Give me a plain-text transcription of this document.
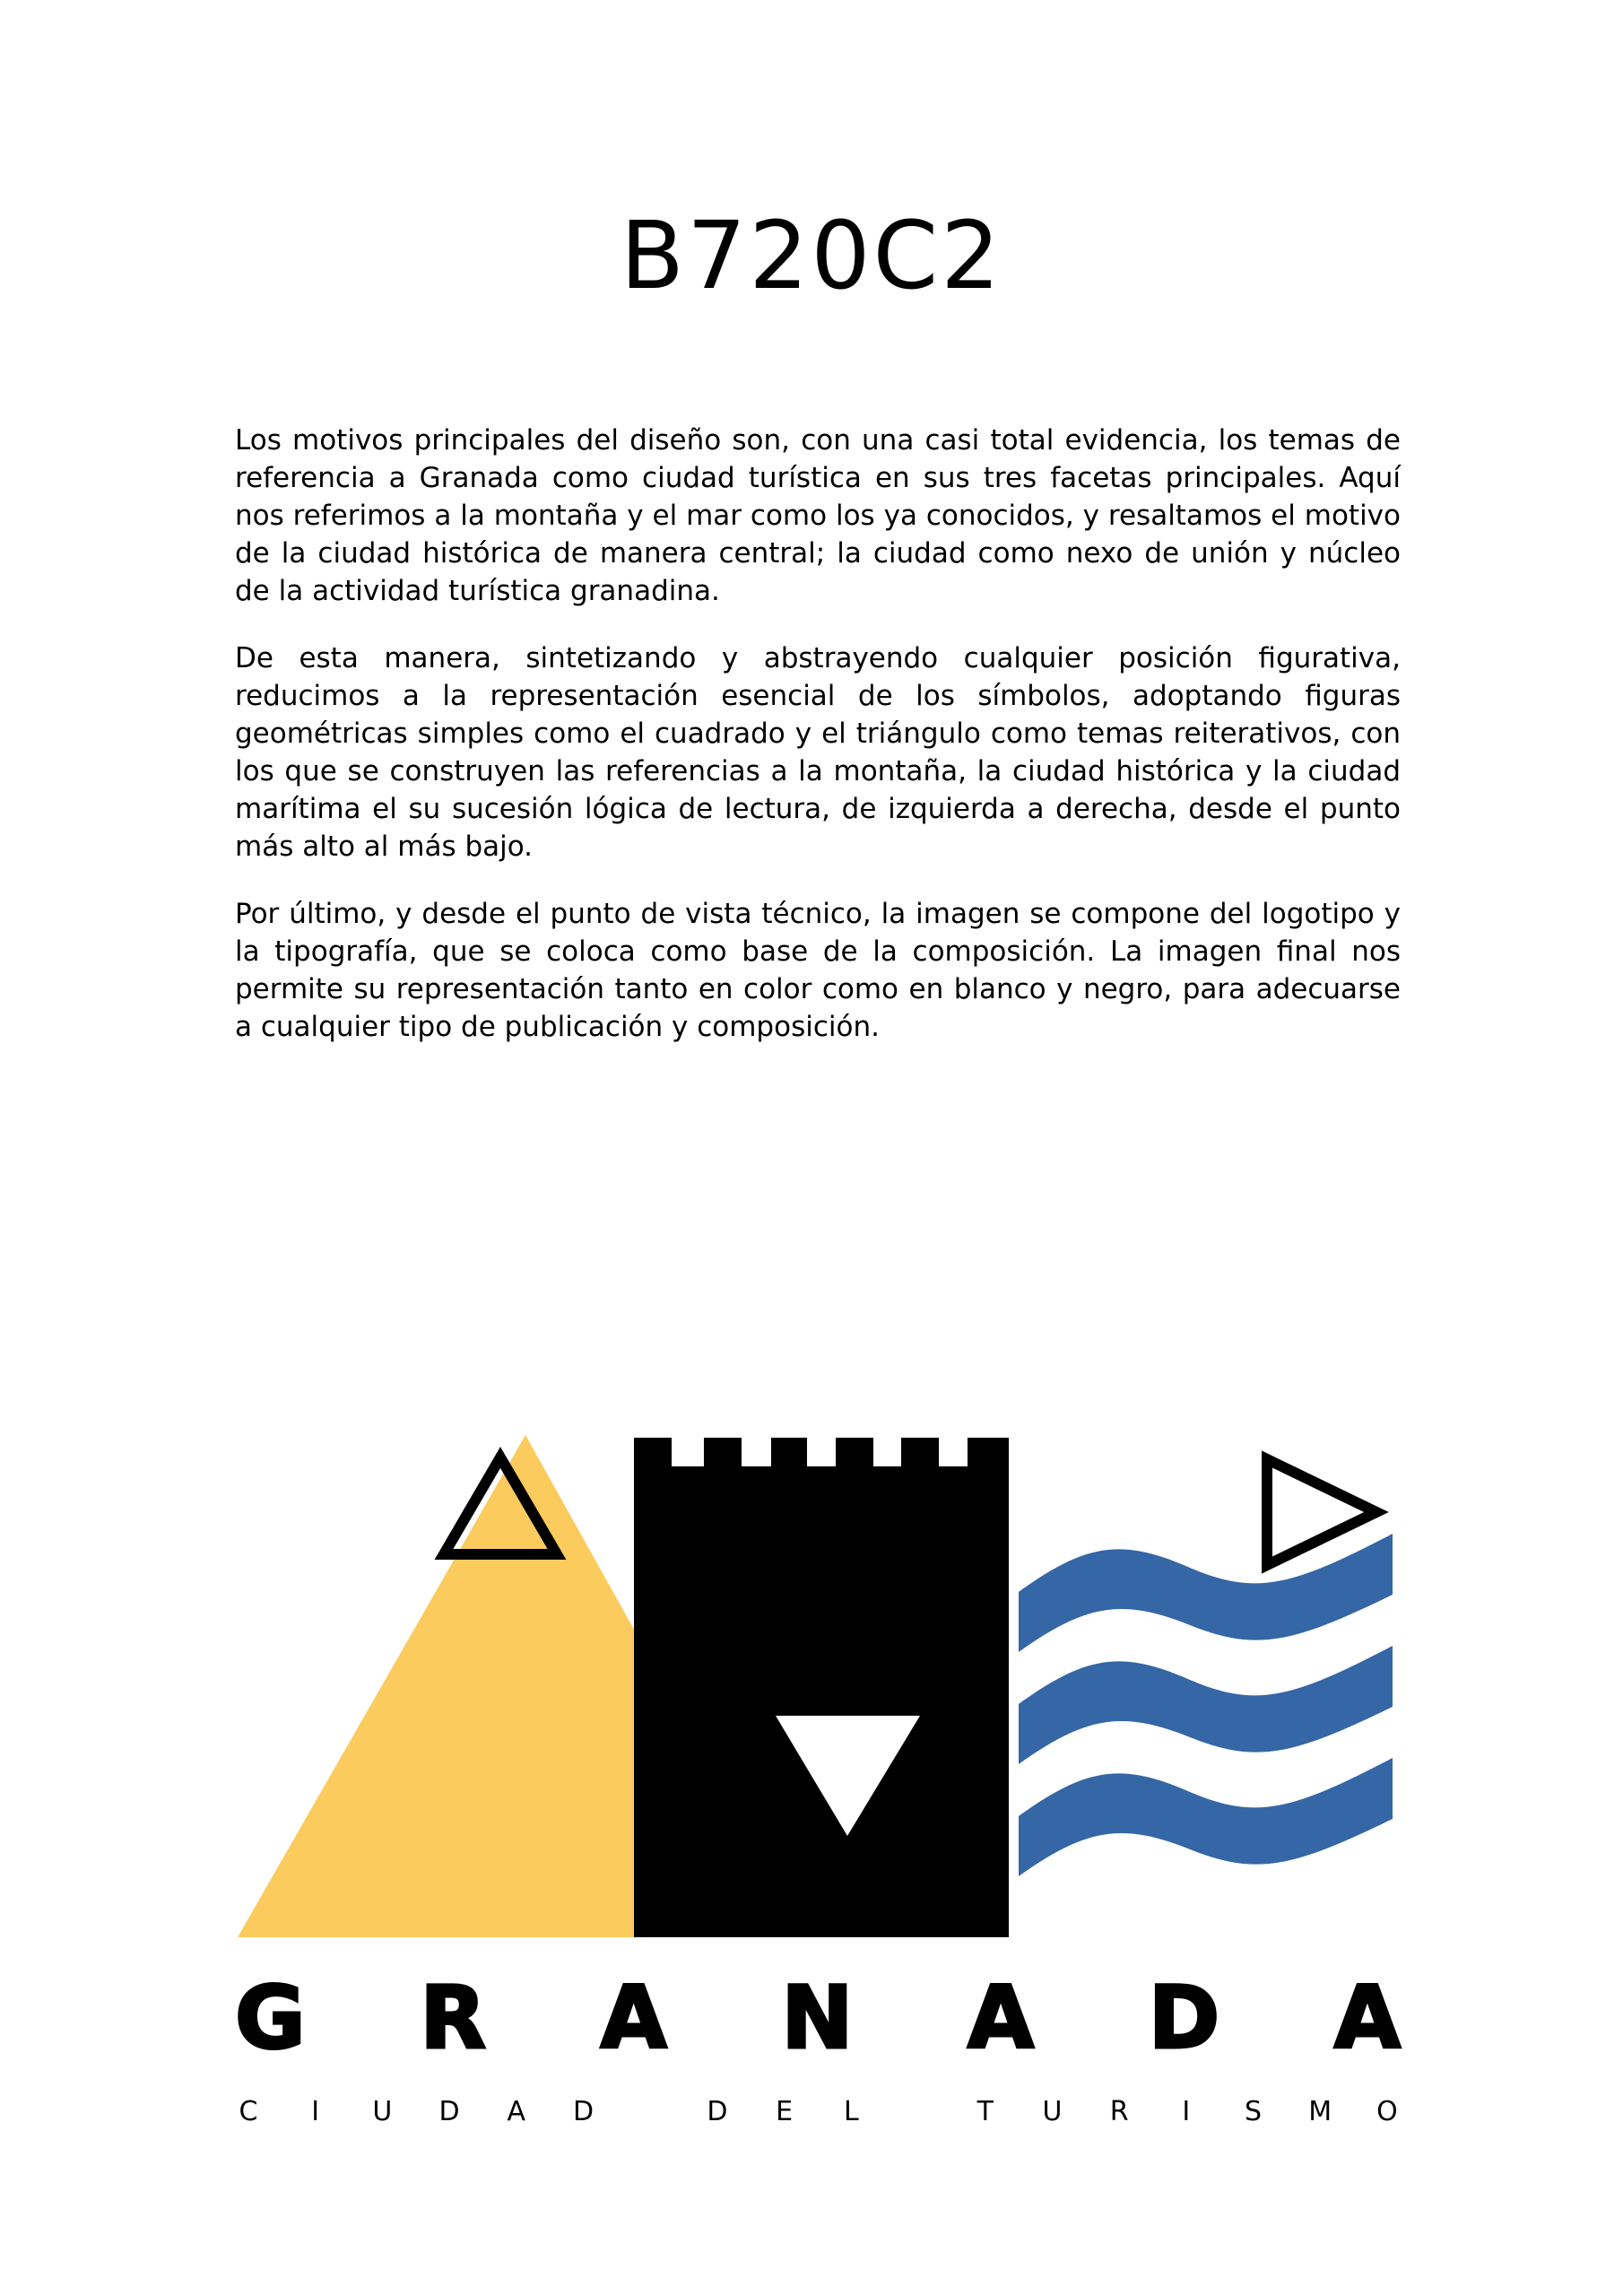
B720C2

Los motivos principales del diseño son, con una casi total evidencia, los temas de referencia a Granada como ciudad turística en sus tres facetas principales. Aquí nos referimos a la montaña y el mar como los ya conocidos, y resaltamos el motivo de la ciudad histórica de manera central; la ciudad como nexo de unión y núcleo de la actividad turística granadina.

De esta manera, sintetizando y abstrayendo cualquier posición figurativa, reducimos a la representación esencial de los símbolos, adoptando figuras geométricas simples como el cuadrado y el triángulo como temas reiterativos, con los que se construyen las referencias a la montaña, la ciudad histórica y la ciudad marítima el su sucesión lógica de lectura, de izquierda a derecha, desde el punto más alto al más bajo.

Por último, y desde el punto de vista técnico, la imagen se compone del logotipo y la tipografía, que se coloca como base de la composición. La imagen final nos permite su representación tanto en color como en blanco y negro, para adecuarse a cualquier tipo de publicación y composición.

G R A N A D A
C	I	U D A D	D E L	T U R	I	S M O
